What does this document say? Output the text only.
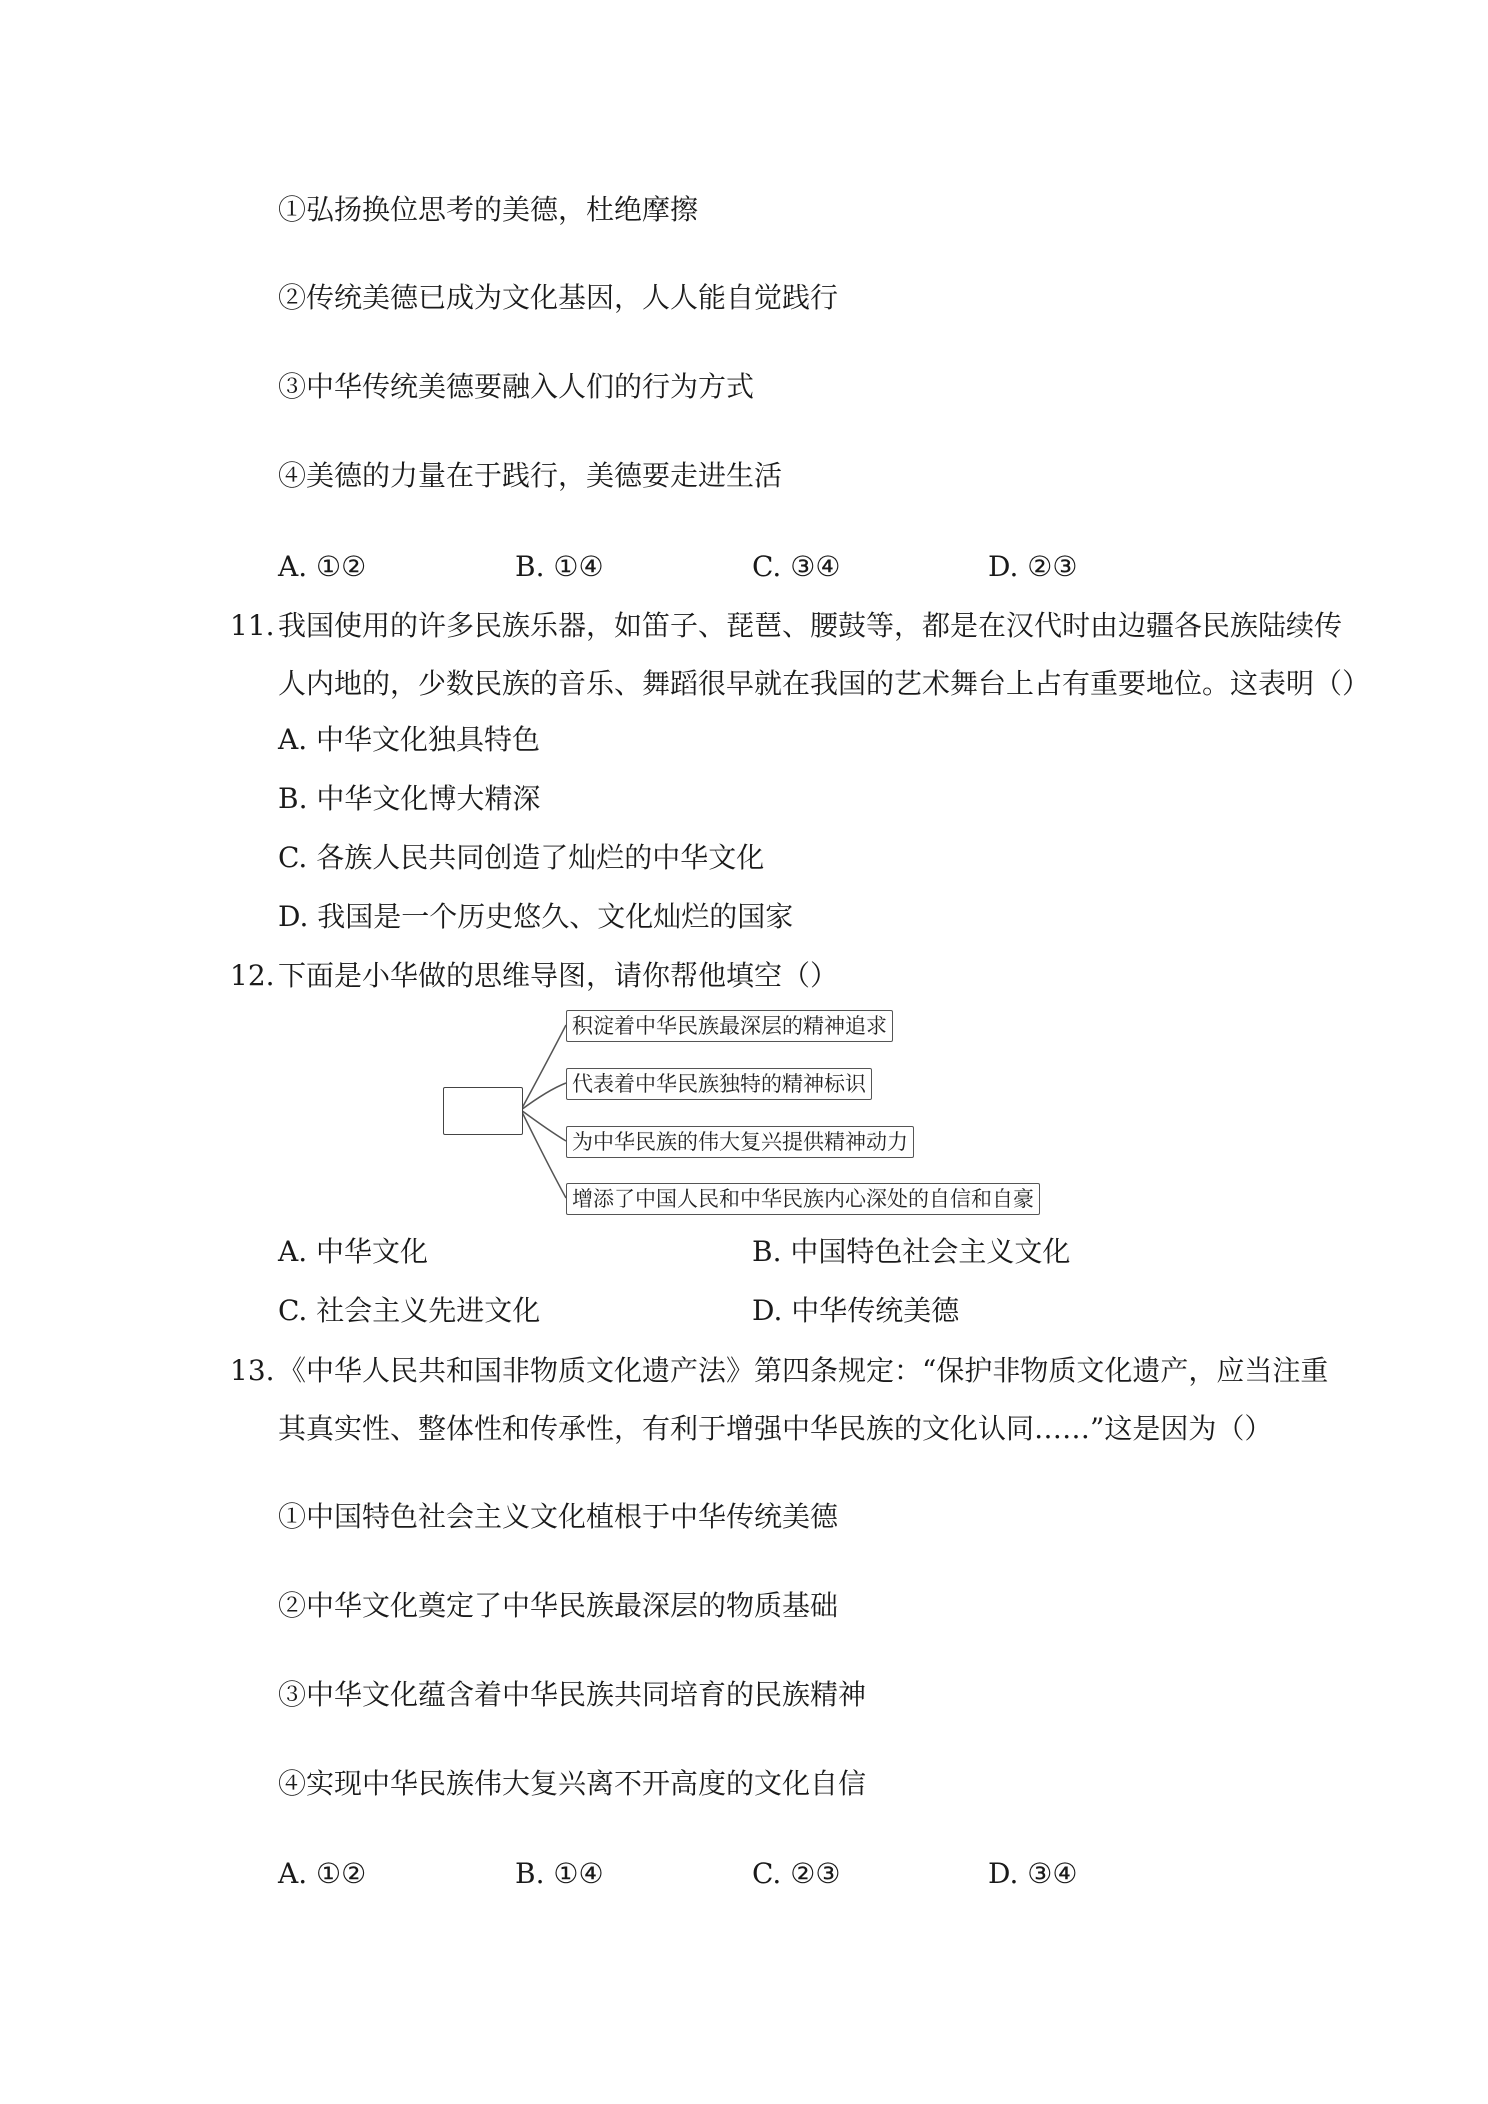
①弘扬换位思考的美德，杜绝摩擦
②传统美德已成为文化基因，人人能自觉践行
③中华传统美德要融入人们的行为方式
④美德的力量在于践行，美德要走进生活
A. ①②	B. ①④	C. ③④	D. ②③
11. 我国使用的许多民族乐器，如笛子、琵琶、腰鼓等，都是在汉代时由边疆各民族陆续传
人内地的，少数民族的音乐、舞蹈很早就在我国的艺术舞台上占有重要地位。这表明（）
A. 中华文化独具特色
B. 中华文化博大精深
C. 各族人民共同创造了灿烂的中华文化
D. 我国是一个历史悠久、文化灿烂的国家
12. 下面是小华做的思维导图，请你帮他填空（）
积淀着中华民族最深层的精神追求
代表着中华民族独特的精神标识
为中华民族的伟大复兴提供精神动力
增添了中国人民和中华民族内心深处的自信和自豪
A. 中华文化	B. 中国特色社会主义文化
C. 社会主义先进文化	D. 中华传统美德
13. 《中华人民共和国非物质文化遗产法》第四条规定：“保护非物质文化遗产，应当注重
其真实性、整体性和传承性，有利于增强中华民族的文化认同……”这是因为（）
①中国特色社会主义文化植根于中华传统美德
②中华文化奠定了中华民族最深层的物质基础
③中华文化蕴含着中华民族共同培育的民族精神
④实现中华民族伟大复兴离不开高度的文化自信
A. ①②	B. ①④	C. ②③	D. ③④
